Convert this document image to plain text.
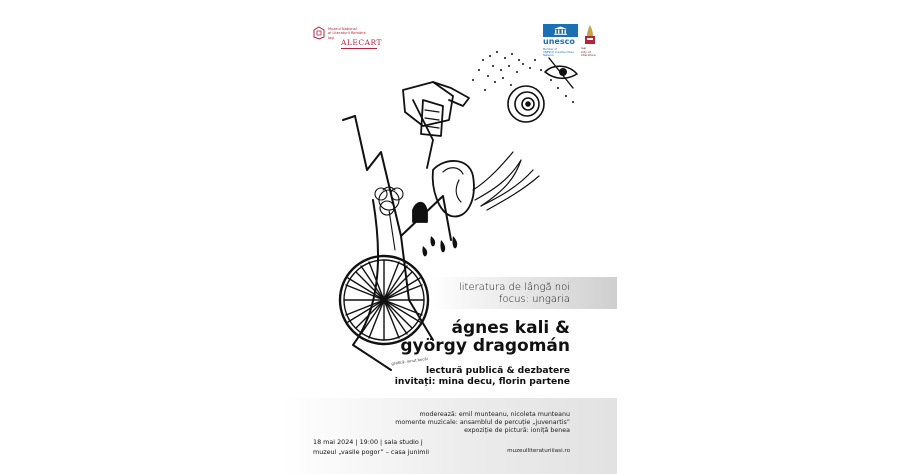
Muzeul Național
al Literaturii Române
Iași
ALECART	unesco
Member of
UNESCO Creative Cities Network
Iași
City of
Literature
grafică: ionuț bocăi
literatura de lângă noi
focus: ungaria
ágnes kali &
györgy dragomán
lectură publică & dezbatere
invitați: mina decu, florin partene
moderează: emil munteanu, nicoleta munteanu
momente muzicale: ansamblul de percuție „juvenartis”
expoziție de pictură: ioniță benea
18 mai 2024 | 19:00 | sala studio j
muzeul „vasile pogor” – casa junimii	muzeulliteraturiiiasi.ro
